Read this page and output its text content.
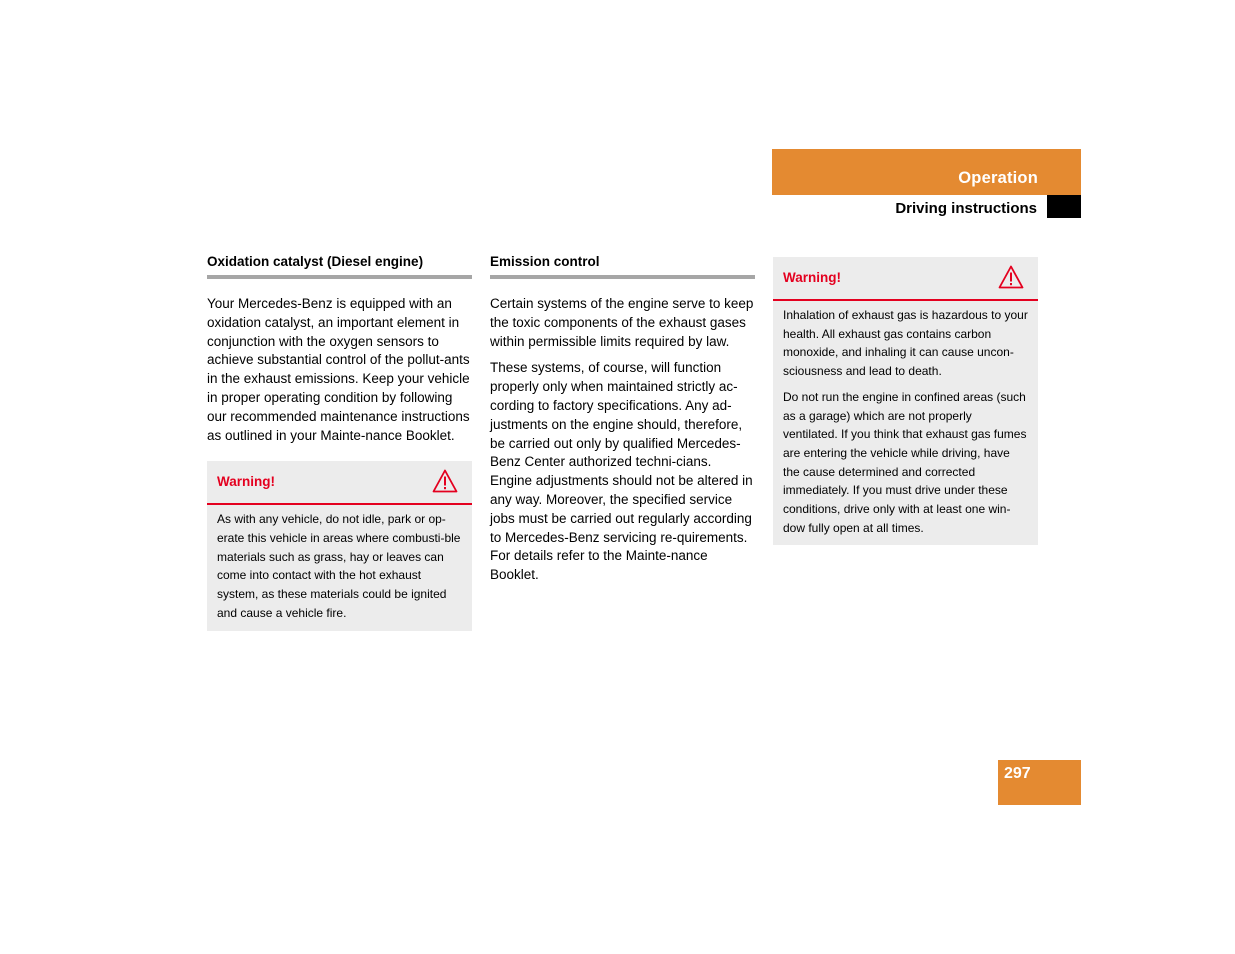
Operation
Driving instructions
Oxidation catalyst (Diesel engine)

Your Mercedes-Benz is equipped with an oxidation catalyst, an important element in conjunction with the oxygen sensors to achieve substantial control of the pollut-ants in the exhaust emissions. Keep your vehicle in proper operating condition by following our recommended maintenance instructions as outlined in your Mainte-nance Booklet.

Warning!

As with any vehicle, do not idle, park or op-erate this vehicle in areas where combusti-ble materials such as grass, hay or leaves can come into contact with the hot exhaust system, as these materials could be ignited and cause a vehicle fire.

Emission control

Certain systems of the engine serve to keep the toxic components of the exhaust gases within permissible limits required by law.

These systems, of course, will function properly only when maintained strictly ac-cording to factory specifications. Any ad-justments on the engine should, therefore, be carried out only by qualified Mercedes-Benz Center authorized techni-cians. Engine adjustments should not be altered in any way. Moreover, the specified service jobs must be carried out regularly according to Mercedes-Benz servicing re-quirements. For details refer to the Mainte-nance Booklet.

Warning!

Inhalation of exhaust gas is hazardous to your health. All exhaust gas contains carbon monoxide, and inhaling it can cause uncon-sciousness and lead to death.

Do not run the engine in confined areas (such as a garage) which are not properly ventilated. If you think that exhaust gas fumes are entering the vehicle while driving, have the cause determined and corrected immediately. If you must drive under these conditions, drive only with at least one win-dow fully open at all times.

297
